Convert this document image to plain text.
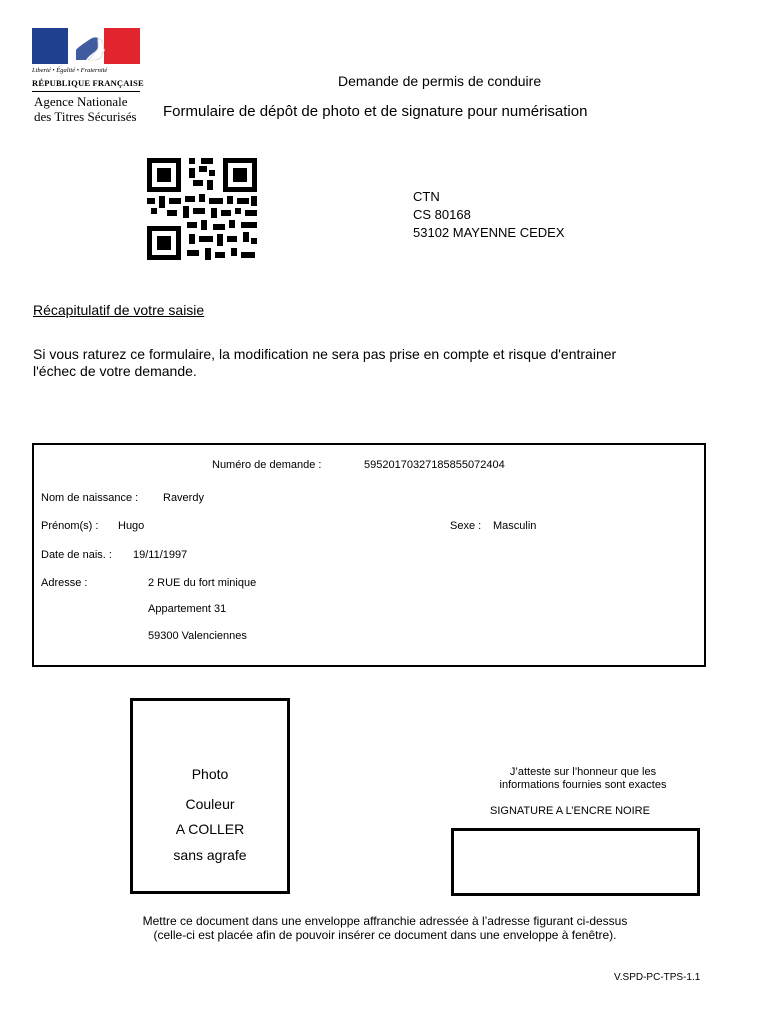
Liberté • Égalité • Fraternité
RÉPUBLIQUE FRANÇAISE
Agence Nationale
des Titres Sécurisés
Demande de permis de conduire
Formulaire de dépôt de photo et de signature pour numérisation
CTN
CS 80168
53102 MAYENNE CEDEX
Récapitulatif de votre saisie
Si vous raturez ce formulaire, la modification ne sera pas prise en compte et risque d'entrainer l'échec de votre demande.
Numéro de demande :	59520170327185855072404
Nom de naissance : Raverdy
Prénom(s) : Hugo	Sexe : Masculin
Date de nais. : 19/11/1997
Adresse :	2 RUE du fort minique
Appartement 31
59300 Valenciennes
Photo
Couleur
A COLLER
sans agrafe
J’atteste sur l’honneur que les
informations fournies sont exactes
SIGNATURE A L’ENCRE NOIRE
Mettre ce document dans une enveloppe affranchie adressée à l’adresse figurant ci-dessus
(celle-ci est placée afin de pouvoir insérer ce document dans une enveloppe à fenêtre).
V.SPD-PC-TPS-1.1
